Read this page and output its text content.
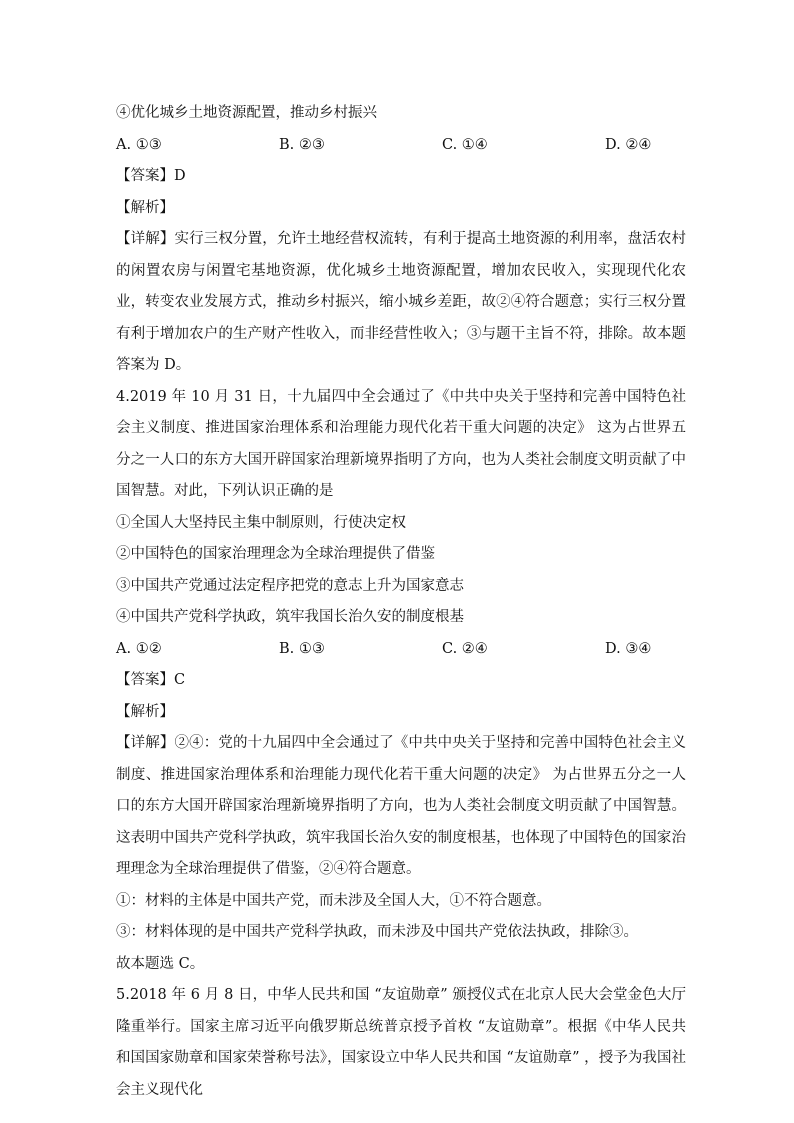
④优化城乡土地资源配置，推动乡村振兴
A. ①③	B. ②③	C. ①④	D. ②④
【答案】D
【解析】
【详解】实行三权分置，允许土地经营权流转，有利于提高土地资源的利用率，盘活农村的闲置农房与闲置宅基地资源，优化城乡土地资源配置，增加农民收入，实现现代化农业，转变农业发展方式，推动乡村振兴，缩小城乡差距，故②④符合题意；实行三权分置有利于增加农户的生产财产性收入，而非经营性收入；③与题干主旨不符，排除。故本题答案为 D。
4.2019 年 10 月 31 日，十九届四中全会通过了《中共中央关于坚持和完善中国特色社会主义制度、推进国家治理体系和治理能力现代化若干重大问题的决定》 这为占世界五分之一人口的东方大国开辟国家治理新境界指明了方向，也为人类社会制度文明贡献了中国智慧。对此，下列认识正确的是
①全国人大坚持民主集中制原则，行使决定权
②中国特色的国家治理理念为全球治理提供了借鉴
③中国共产党通过法定程序把党的意志上升为国家意志
④中国共产党科学执政，筑牢我国长治久安的制度根基
A. ①②	B. ①③	C. ②④	D. ③④
【答案】C
【解析】
【详解】②④：党的十九届四中全会通过了《中共中央关于坚持和完善中国特色社会主义制度、推进国家治理体系和治理能力现代化若干重大问题的决定》 为占世界五分之一人口的东方大国开辟国家治理新境界指明了方向，也为人类社会制度文明贡献了中国智慧。这表明中国共产党科学执政，筑牢我国长治久安的制度根基，也体现了中国特色的国家治理理念为全球治理提供了借鉴，②④符合题意。
①：材料的主体是中国共产党，而未涉及全国人大，①不符合题意。
③：材料体现的是中国共产党科学执政，而未涉及中国共产党依法执政，排除③。
故本题选 C。
5.2018 年 6 月 8 日，中华人民共和国 “友谊勋章” 颁授仪式在北京人民大会堂金色大厅隆重举行。国家主席习近平向俄罗斯总统普京授予首枚 “友谊勋章”。根据《中华人民共和国国家勋章和国家荣誉称号法》，国家设立中华人民共和国 “友谊勋章” ，授予为我国社会主义现代化
